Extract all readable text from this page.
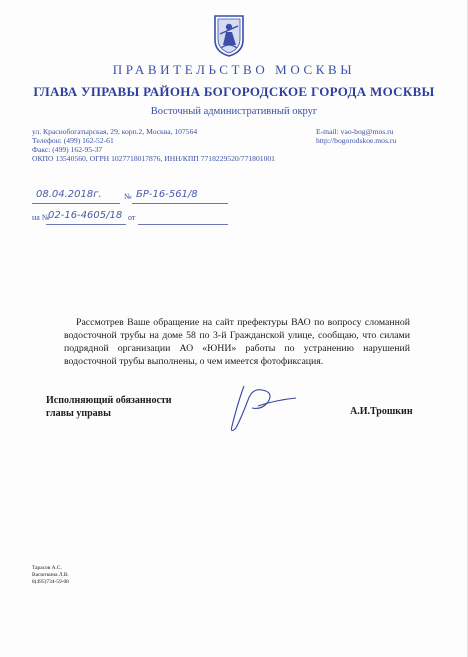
ПРАВИТЕЛЬСТВО МОСКВЫ
ГЛАВА УПРАВЫ РАЙОНА БОГОРОДСКОЕ ГОРОДА МОСКВЫ
Восточный административный округ
ул. Краснобогатырская, 29, корп.2, Москва, 107564
Телефон: (499) 162-52-61
Факс: (499) 162-95-37
ОКПО 13540560, ОГРН 1027718017876, ИНН/КПП 7718229520/771801001
E-mail: vao-bog@mos.ru
http://bogorodskoe.mos.ru
08.04.2018г.	№ БР-16-561/8
на №
02-16-4605/18 от
Рассмотрев Ваше обращение на сайт префектуры ВАО по вопросу сломанной водосточной трубы на доме 58 по 3-й Гражданской улице, сообщаю, что силами подрядной организации АО «ЮНИ» работы по устранению нарушений водосточной трубы выполнены, о чем имеется фотофиксация.
Исполняющий обязанности
главы управы	А.И.Трошкин
Тарасов А.С.
Васюткина Л.В.
8(495)734-59-08
